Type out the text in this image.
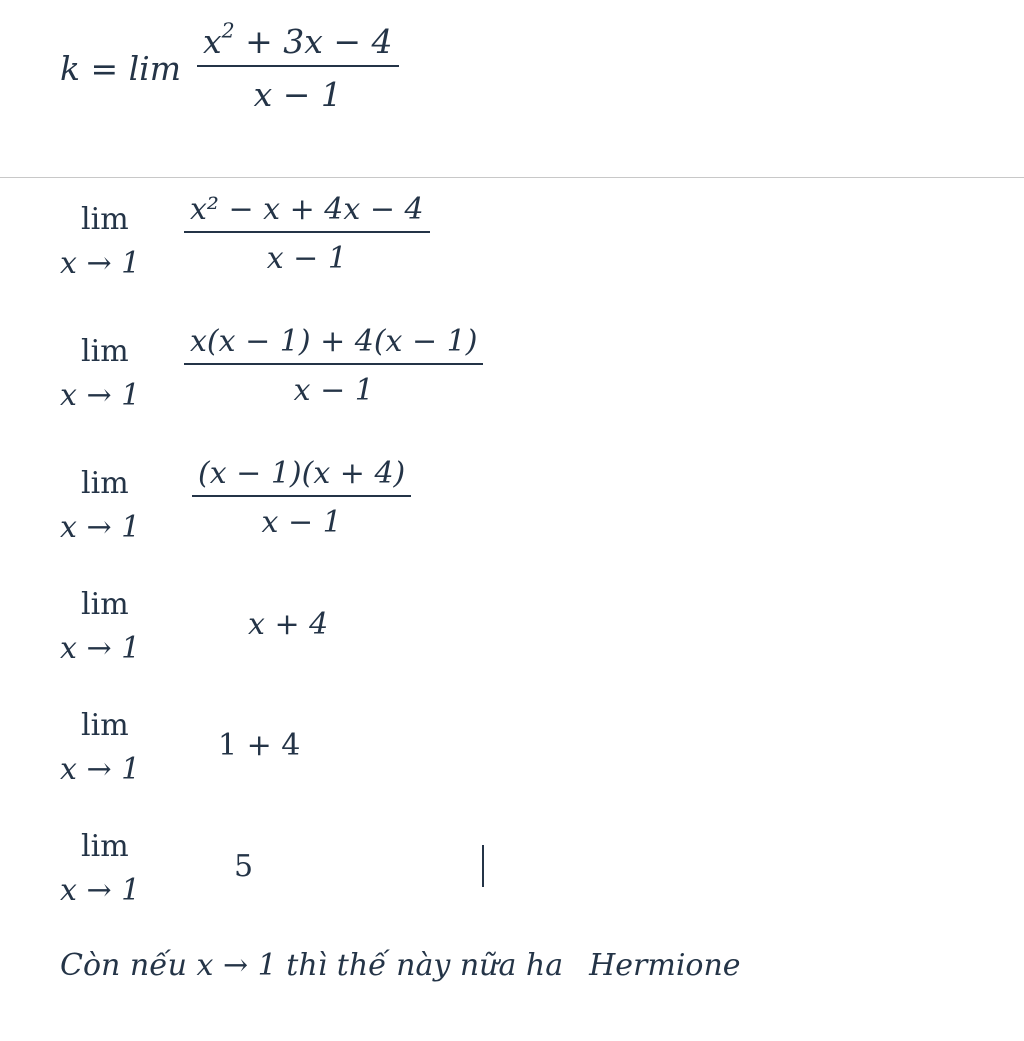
$k = \lim \frac{x^2 + 3x - 4}{x - 1}$
lim
$x \to 1 \frac{\text{x² − x + 4x − 4}}{x - 1}$
lim
$x \to 1 \frac{x(x - 1) + 4(x - 1)}{x - 1}$
lim
$x \to 1 \frac{(x - 1)(x + 4)}{x - 1}$
lim
x → 1
x + 4
lim
x → 1
1 + 4
lim
x → 1
5
Còn nếu x → 1 thì thế này nữa ha Hermione
